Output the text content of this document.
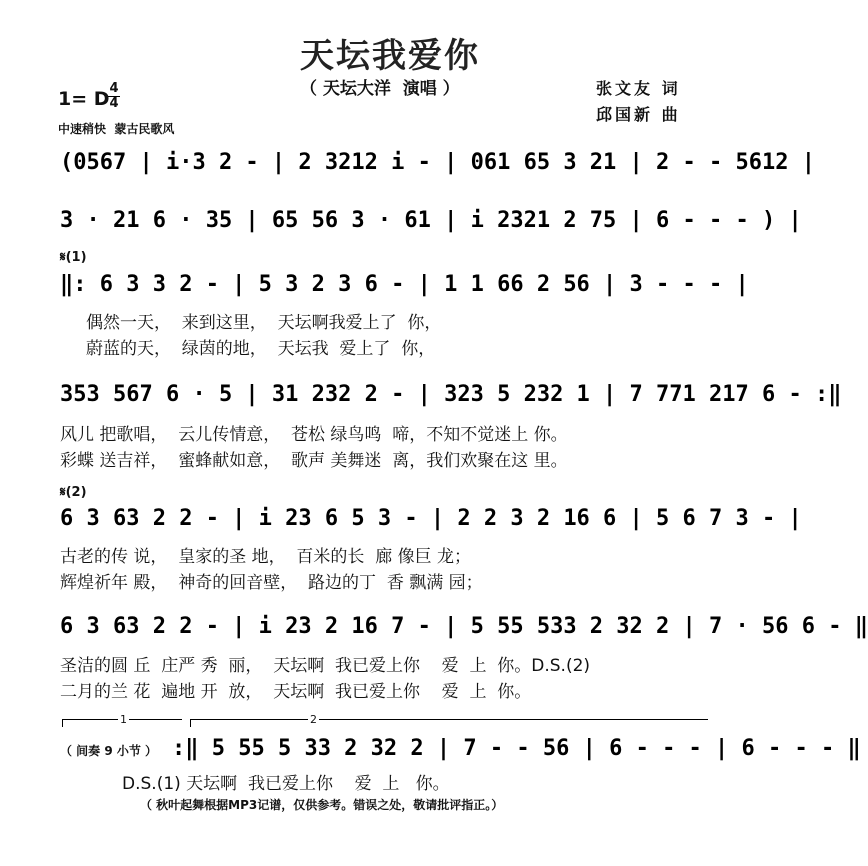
天坛我爱你
（ 天坛大洋  演唱 ）	张文友 词
邱国新 曲
1= D 4
4
中速稍快  蒙古民歌风
(0567 | i·3 2 - | 2 3212 i - | 061 65 3 21 | 2 - - 5612 |
3 · 21 6 · 35 | 65 56 3 · 61 | i 2321 2 75 | 6 - - - ) |
𝄋(1)
‖: 6 3 3 2 - | 5 3 2 3 6 - | 1 1 66 2 56 | 3 - - - |
偶然一天，  来到这里，  天坛啊我爱上了  你，
蔚蓝的天，  绿茵的地，  天坛我  爱上了  你，
353 567 6 · 5 | 31 232 2 - | 323 5 232 1 | 7 771 217 6 - :‖
风儿 把歌唱，  云儿传情意，  苍松 绿鸟鸣  啼，不知不觉迷上 你。
彩蝶 送吉祥，  蜜蜂献如意，  歌声 美舞迷  离，我们欢聚在这 里。
𝄋(2)
6 3 63 2 2 - | i 23 6 5 3 - | 2 2 3 2 16 6 | 5 6 7 3 - |
古老的传 说，  皇家的圣 地，  百米的长  廊 像巨 龙；
辉煌祈年 殿，  神奇的回音壁，  路边的丁  香 飘满 园；
6 3 63 2 2 - | i 23 2 16 7 - | 5 55 533 2 32 2 | 7 · 56 6 - ‖
圣洁的圆 丘  庄严 秀  丽，  天坛啊  我已爱上你    爱  上  你。D.S.(2)
二月的兰 花  遍地 开  放，  天坛啊  我已爱上你    爱  上  你。
1	2
（ 间奏 9 小节 ） :‖ 5 55 5 33 2 32 2 | 7 - - 56 | 6 - - - | 6 - - - ‖
D.S.(1) 天坛啊  我已爱上你    爱  上   你。
（ 秋叶起舞根据MP3记谱，仅供参考。错误之处，敬请批评指正。）
